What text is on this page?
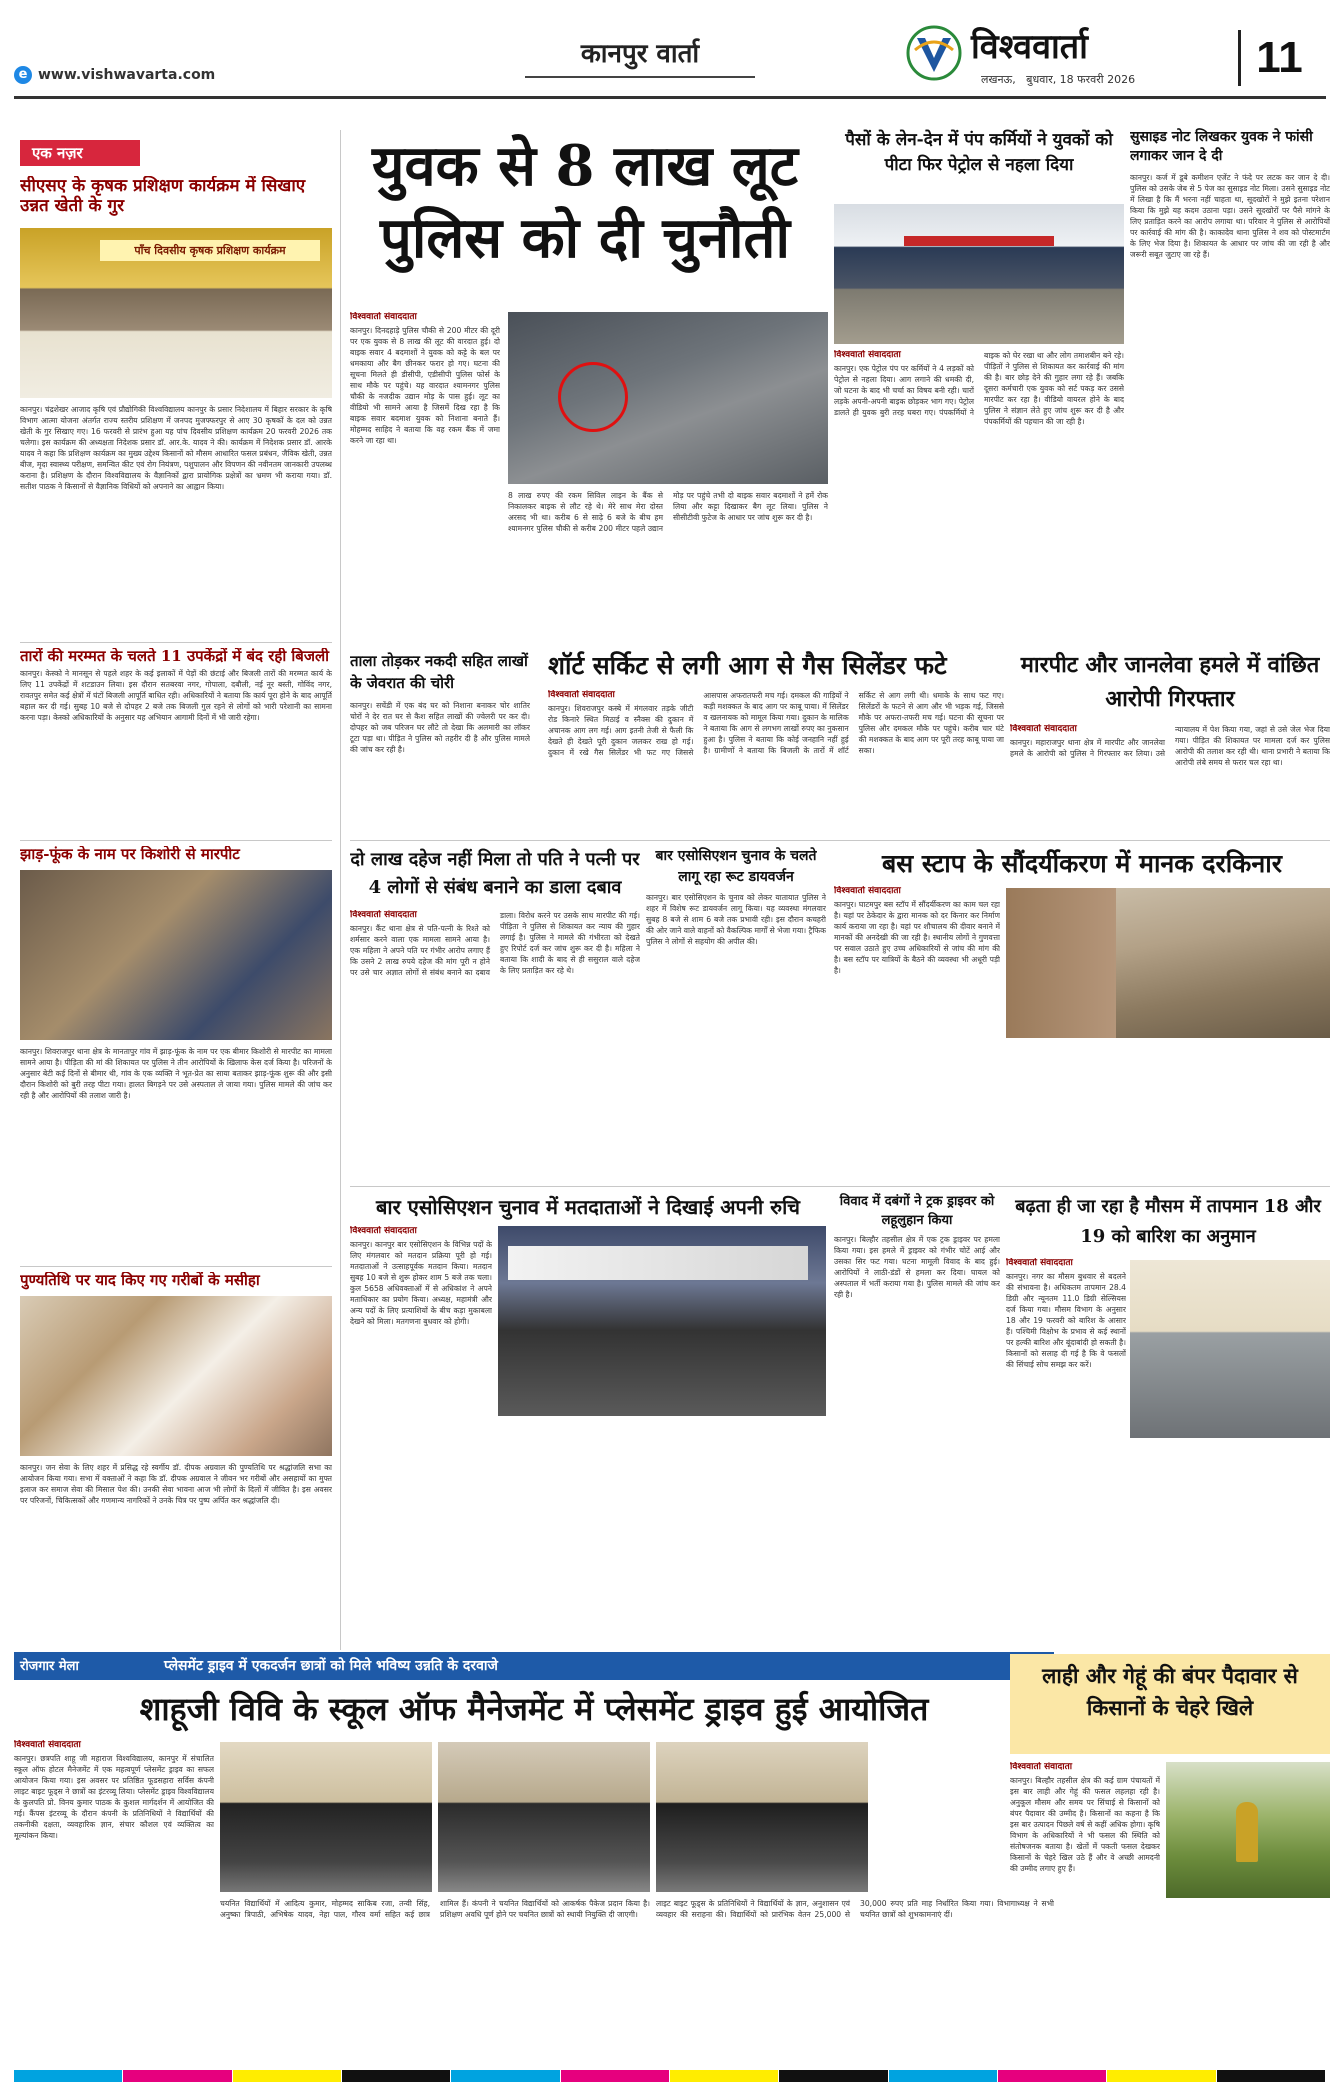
e www.vishwavarta.com
कानपुर वार्ता	विश्ववार्ता
लखनऊ,   बुधवार, 18 फरवरी 2026	11
एक नज़र
सीएसए के कृषक प्रशिक्षण कार्यक्रम में सिखाए उन्नत खेती के गुर
पाँच दिवसीय कृषक प्रशिक्षण कार्यक्रम
कानपुर। चंद्रशेखर आजाद कृषि एवं प्रौद्योगिकी विश्वविद्यालय कानपुर के प्रसार निदेशालय में बिहार सरकार के कृषि विभाग आत्मा योजना अंतर्गत राज्य स्तरीय प्रशिक्षण में जनपद मुजफ्फरपुर से आए 30 कृषकों के दल को उन्नत खेती के गुर सिखाए गए। 16 फरवरी से प्रारंभ हुआ यह पांच दिवसीय प्रशिक्षण कार्यक्रम 20 फरवरी 2026 तक चलेगा। इस कार्यक्रम की अध्यक्षता निदेशक प्रसार डॉ. आर.के. यादव ने की। कार्यक्रम में निदेशक प्रसार डॉ. आरके यादव ने कहा कि प्रशिक्षण कार्यक्रम का मुख्य उद्देश्य किसानों को मौसम आधारित फसल प्रबंधन, जैविक खेती, उन्नत बीज, मृदा स्वास्थ्य परीक्षण, समन्वित कीट एवं रोग नियंत्रण, पशुपालन और विपणन की नवीनतम जानकारी उपलब्ध कराना है। प्रशिक्षण के दौरान विश्वविद्यालय के वैज्ञानिकों द्वारा प्रायोगिक प्रक्षेत्रों का भ्रमण भी कराया गया। डॉ. सतीश पाठक ने किसानों से वैज्ञानिक विधियों को अपनाने का आह्वान किया।
तारों की मरम्मत के चलते 11 उपकेंद्रों में बंद रही बिजली
कानपुर। केस्को ने मानसून से पहले शहर के कई इलाकों में पेड़ों की छंटाई और बिजली तारों की मरम्मत कार्य के लिए 11 उपकेंद्रों में शटडाउन लिया। इस दौरान सतबरवा नगर, गोपाला, दबौली, नई नूर बस्ती, गोविंद नगर, रावतपुर समेत कई क्षेत्रों में घंटों बिजली आपूर्ति बाधित रही। अधिकारियों ने बताया कि कार्य पूरा होने के बाद आपूर्ति बहाल कर दी गई। सुबह 10 बजे से दोपहर 2 बजे तक बिजली गुल रहने से लोगों को भारी परेशानी का सामना करना पड़ा। केस्को अधिकारियों के अनुसार यह अभियान आगामी दिनों में भी जारी रहेगा।
झाड़-फूंक के नाम पर किशोरी से मारपीट
कानपुर। शिवराजपुर थाना क्षेत्र के मानतापुर गांव में झाड़-फूंक के नाम पर एक बीमार किशोरी से मारपीट का मामला सामने आया है। पीड़िता की मां की शिकायत पर पुलिस ने तीन आरोपियों के खिलाफ केस दर्ज किया है। परिजनों के अनुसार बेटी कई दिनों से बीमार थी, गांव के एक व्यक्ति ने भूत-प्रेत का साया बताकर झाड़-फूंक शुरू की और इसी दौरान किशोरी को बुरी तरह पीटा गया। हालत बिगड़ने पर उसे अस्पताल ले जाया गया। पुलिस मामले की जांच कर रही है और आरोपियों की तलाश जारी है।
पुण्यतिथि पर याद किए गए गरीबों के मसीहा
कानपुर। जन सेवा के लिए शहर में प्रसिद्ध रहे स्वर्गीय डॉ. दीपक अग्रवाल की पुण्यतिथि पर श्रद्धांजलि सभा का आयोजन किया गया। सभा में वक्ताओं ने कहा कि डॉ. दीपक अग्रवाल ने जीवन भर गरीबों और असहायों का मुफ्त इलाज कर समाज सेवा की मिसाल पेश की। उनकी सेवा भावना आज भी लोगों के दिलों में जीवित है। इस अवसर पर परिजनों, चिकित्सकों और गणमान्य नागरिकों ने उनके चित्र पर पुष्प अर्पित कर श्रद्धांजलि दी।
युवक से 8 लाख लूट पुलिस को दी चुनौती
विश्ववार्ता संवाददाता
कानपुर। दिनदहाड़े पुलिस चौकी से 200 मीटर की दूरी पर एक युवक से 8 लाख की लूट की वारदात हुई। दो बाइक सवार 4 बदमाशों ने युवक को कट्टे के बल पर धमकाया और बैग छीनकर फरार हो गए। घटना की सूचना मिलते ही डीसीपी, एडीसीपी पुलिस फोर्स के साथ मौके पर पहुंचे। यह वारदात श्यामनगर पुलिस चौकी के नजदीक उद्यान मोड़ के पास हुई। लूट का वीडियो भी सामने आया है जिसमें दिख रहा है कि बाइक सवार बदमाश युवक को निशाना बनाते हैं। मोहम्मद साहिद ने बताया कि वह रकम बैंक में जमा करने जा रहा था।
8 लाख रुपए की रकम सिविल लाइन के बैंक से निकालकर बाइक से लौट रहे थे। मेरे साथ मेरा दोस्त अरसद भी था। करीब 6 से साढ़े 6 बजे के बीच हम श्यामनगर पुलिस चौकी से करीब 200 मीटर पहले उद्यान मोड़ पर पहुंचे तभी दो बाइक सवार बदमाशों ने हमें रोक लिया और कट्टा दिखाकर बैग लूट लिया। पुलिस ने सीसीटीवी फुटेज के आधार पर जांच शुरू कर दी है।
पैसों के लेन-देन में पंप कर्मियों ने युवकों को पीटा फिर पेट्रोल से नहला दिया
विश्ववार्ता संवाददाता
कानपुर। एक पेट्रोल पंप पर कर्मियों ने 4 लड़कों को पेट्रोल से नहला दिया। आग लगाने की धमकी दी, जो घटना के बाद भी चर्चा का विषय बनी रही। चारों लड़के अपनी-अपनी बाइक छोड़कर भाग गए। पेट्रोल डालते ही युवक बुरी तरह घबरा गए। पंपकर्मियों ने बाइक को घेर रखा था और लोग तमाशबीन बने रहे। पीड़ितों ने पुलिस से शिकायत कर कार्रवाई की मांग की है। बार छोड़ देने की गुहार लगा रहे हैं। जबकि दूसरा कर्मचारी एक युवक को सर्ट पकड़ कर उससे मारपीट कर रहा है। वीडियो वायरल होने के बाद पुलिस ने संज्ञान लेते हुए जांच शुरू कर दी है और पंपकर्मियों की पहचान की जा रही है।
सुसाइड नोट लिखकर युवक ने फांसी लगाकर जान दे दी
कानपुर। कर्ज में डूबे कमीशन एजेंट ने फंदे पर लटक कर जान दे दी। पुलिस को उसके जेब से 5 पेज का सुसाइड नोट मिला। उसने सुसाइड नोट में लिखा है कि मैं भरना नहीं चाहता था, सूदखोरों ने मुझे इतना परेशान किया कि मुझे यह कदम उठाना पड़ा। उसने सूदखोरों पर पैसे मांगने के लिए प्रताड़ित करने का आरोप लगाया था। परिवार ने पुलिस से आरोपियों पर कार्रवाई की मांग की है। काकादेव थाना पुलिस ने शव को पोस्टमार्टम के लिए भेज दिया है। शिकायत के आधार पर जांच की जा रही है और जरूरी सबूत जुटाए जा रहे हैं।
ताला तोड़कर नकदी सहित लाखों के जेवरात की चोरी
कानपुर। सचेंडी में एक बंद घर को निशाना बनाकर चोर शातिर चोरों ने देर रात घर से कैश सहित लाखों की ज्वेलरी पर कर दी। दोपहर को जब परिजन घर लौटे तो देखा कि अलमारी का लॉकर टूटा पड़ा था। पीड़ित ने पुलिस को तहरीर दी है और पुलिस मामले की जांच कर रही है।
शॉर्ट सर्किट से लगी आग से गैस सिलेंडर फटे
विश्ववार्ता संवाददाता
कानपुर। शिवराजपुर कस्बे में मंगलवार तड़के जीटी रोड किनारे स्थित मिठाई व स्नैक्स की दुकान में अचानक आग लग गई। आग इतनी तेजी से फैली कि देखते ही देखते पूरी दुकान जलकर राख हो गई। दुकान में रखे गैस सिलेंडर भी फट गए जिससे आसपास अफरातफरी मच गई। दमकल की गाड़ियों ने कड़ी मशक्कत के बाद आग पर काबू पाया। में सिलेंडर व खलनायक को मामूल किया गया। दुकान के मालिक ने बताया कि आग से लगभग लाखों रुपए का नुकसान हुआ है। पुलिस ने बताया कि कोई जनहानि नहीं हुई है। ग्रामीणों ने बताया कि बिजली के तारों में शॉर्ट सर्किट से आग लगी थी। धमाके के साथ फट गए। सिलेंडरों के फटने से आग और भी भड़क गई, जिससे मौके पर अफरा-तफरी मच गई। घटना की सूचना पर पुलिस और दमकल मौके पर पहुंचे। करीब चार घंटे की मशक्कत के बाद आग पर पूरी तरह काबू पाया जा सका।
मारपीट और जानलेवा हमले में वांछित आरोपी गिरफ्तार
विश्ववार्ता संवाददाता
कानपुर। महाराजपुर थाना क्षेत्र में मारपीट और जानलेवा हमले के आरोपी को पुलिस ने गिरफ्तार कर लिया। उसे न्यायालय में पेश किया गया, जहां से उसे जेल भेज दिया गया। पीड़ित की शिकायत पर मामला दर्ज कर पुलिस आरोपी की तलाश कर रही थी। थाना प्रभारी ने बताया कि आरोपी लंबे समय से फरार चल रहा था।
दो लाख दहेज नहीं मिला तो पति ने पत्नी पर 4 लोगों से संबंध बनाने का डाला दबाव
विश्ववार्ता संवाददाता
कानपुर। कैंट थाना क्षेत्र से पति-पत्नी के रिश्ते को शर्मसार करने वाला एक मामला सामने आया है। एक महिला ने अपने पति पर गंभीर आरोप लगाए हैं कि उसने 2 लाख रुपये दहेज की मांग पूरी न होने पर उसे चार अज्ञात लोगों से संबंध बनाने का दबाव डाला। विरोध करने पर उसके साथ मारपीट की गई। पीड़िता ने पुलिस से शिकायत कर न्याय की गुहार लगाई है। पुलिस ने मामले की गंभीरता को देखते हुए रिपोर्ट दर्ज कर जांच शुरू कर दी है। महिला ने बताया कि शादी के बाद से ही ससुराल वाले दहेज के लिए प्रताड़ित कर रहे थे।
बार एसोसिएशन चुनाव के चलते लागू रहा रूट डायवर्जन
कानपुर। बार एसोसिएशन के चुनाव को लेकर यातायात पुलिस ने शहर में विशेष रूट डायवर्जन लागू किया। यह व्यवस्था मंगलवार सुबह 8 बजे से शाम 6 बजे तक प्रभावी रही। इस दौरान कचहरी की ओर जाने वाले वाहनों को वैकल्पिक मार्गों से भेजा गया। ट्रैफिक पुलिस ने लोगों से सहयोग की अपील की।
बस स्टाप के सौंदर्यीकरण में मानक दरकिनार
विश्ववार्ता संवाददाता
कानपुर। घाटमपुर बस स्टॉप में सौंदर्यीकरण का काम चल रहा है। यहां पर ठेकेदार के द्वारा मानक को दर किनार कर निर्माण कार्य कराया जा रहा है। यहां पर शौचालय की दीवार बनाने में मानकों की अनदेखी की जा रही है। स्थानीय लोगों ने गुणवत्ता पर सवाल उठाते हुए उच्च अधिकारियों से जांच की मांग की है। बस स्टॉप पर यात्रियों के बैठने की व्यवस्था भी अधूरी पड़ी है।
बार एसोसिएशन चुनाव में मतदाताओं ने दिखाई अपनी रुचि
विश्ववार्ता संवाददाता
कानपुर। कानपुर बार एसोसिएशन के विभिन्न पदों के लिए मंगलवार को मतदान प्रक्रिया पूरी हो गई। मतदाताओं ने उत्साहपूर्वक मतदान किया। मतदान सुबह 10 बजे से शुरू होकर शाम 5 बजे तक चला। कुल 5658 अधिवक्ताओं में से अधिकांश ने अपने मताधिकार का प्रयोग किया। अध्यक्ष, महामंत्री और अन्य पदों के लिए प्रत्याशियों के बीच कड़ा मुकाबला देखने को मिला। मतगणना बुधवार को होगी।
विवाद में दबंगों ने ट्रक ड्राइवर को लहूलुहान किया
कानपुर। बिल्हौर तहसील क्षेत्र में एक ट्रक ड्राइवर पर हमला किया गया। इस हमले में ड्राइवर को गंभीर चोटें आई और उसका सिर फट गया। घटना मामूली विवाद के बाद हुई। आरोपियों ने लाठी-डंडों से हमला कर दिया। घायल को अस्पताल में भर्ती कराया गया है। पुलिस मामले की जांच कर रही है।
बढ़ता ही जा रहा है मौसम में तापमान 18 और 19 को बारिश का अनुमान
विश्ववार्ता संवाददाता
कानपुर। नगर का मौसम बुधवार से बदलने की संभावना है। अधिकतम तापमान 28.4 डिग्री और न्यूनतम 11.0 डिग्री सेल्सियस दर्ज किया गया। मौसम विभाग के अनुसार 18 और 19 फरवरी को बारिश के आसार हैं। पश्चिमी विक्षोभ के प्रभाव से कई स्थानों पर हल्की बारिश और बूंदाबांदी हो सकती है। किसानों को सलाह दी गई है कि वे फसलों की सिंचाई सोच समझ कर करें।
रोजगार मेला	प्लेसमेंट ड्राइव में एकदर्जन छात्रों को मिले भविष्य उन्नति के दरवाजे
शाहूजी विवि के स्कूल ऑफ मैनेजमेंट में प्लेसमेंट ड्राइव हुई आयोजित
विश्ववार्ता संवाददाता
कानपुर। छत्रपति शाहू जी महाराज विश्वविद्यालय, कानपुर में संचालित स्कूल ऑफ होटल मैनेजमेंट में एक महत्वपूर्ण प्लेसमेंट ड्राइव का सफल आयोजन किया गया। इस अवसर पर प्रतिष्ठित फूडसहारा सर्विस कंपनी लाइट बाइट फूड्स ने छात्रों का इंटरव्यू लिया। प्लेसमेंट ड्राइव विश्वविद्यालय के कुलपति प्रो. विनय कुमार पाठक के कुशल मार्गदर्शन में आयोजित की गई। कैंपस इंटरव्यू के दौरान कंपनी के प्रतिनिधियों ने विद्यार्थियों की तकनीकी दक्षता, व्यवहारिक ज्ञान, संचार कौशल एवं व्यक्तित्व का मूल्यांकन किया।
चयनित विद्यार्थियों में आदित्य कुमार, मोहम्मद साकिब रजा, तन्वी सिंह, अनुष्का त्रिपाठी, अभिषेक यादव, नेहा पाल, गौरव वर्मा सहित कई छात्र शामिल हैं। कंपनी ने चयनित विद्यार्थियों को आकर्षक पैकेज प्रदान किया है। प्रशिक्षण अवधि पूर्ण होने पर चयनित छात्रों को स्थायी नियुक्ति दी जाएगी।
लाइट बाइट फूड्स के प्रतिनिधियों ने विद्यार्थियों के ज्ञान, अनुशासन एवं व्यवहार की सराहना की। विद्यार्थियों को प्रारंभिक वेतन 25,000 से 30,000 रुपए प्रति माह निर्धारित किया गया। विभागाध्यक्ष ने सभी चयनित छात्रों को शुभकामनाएं दीं।
लाही और गेहूं की बंपर पैदावार से किसानों के चेहरे खिले
विश्ववार्ता संवादाता
कानपुर। बिल्हौर तहसील क्षेत्र की कई ग्राम पंचायतों में इस बार लाही और गेहूं की फसल लहलहा रही है। अनुकूल मौसम और समय पर सिंचाई से किसानों को बंपर पैदावार की उम्मीद है। किसानों का कहना है कि इस बार उत्पादन पिछले वर्ष से कहीं अधिक होगा। कृषि विभाग के अधिकारियों ने भी फसल की स्थिति को संतोषजनक बताया है। खेतों में पकती फसल देखकर किसानों के चेहरे खिल उठे हैं और वे अच्छी आमदनी की उम्मीद लगाए हुए हैं।
